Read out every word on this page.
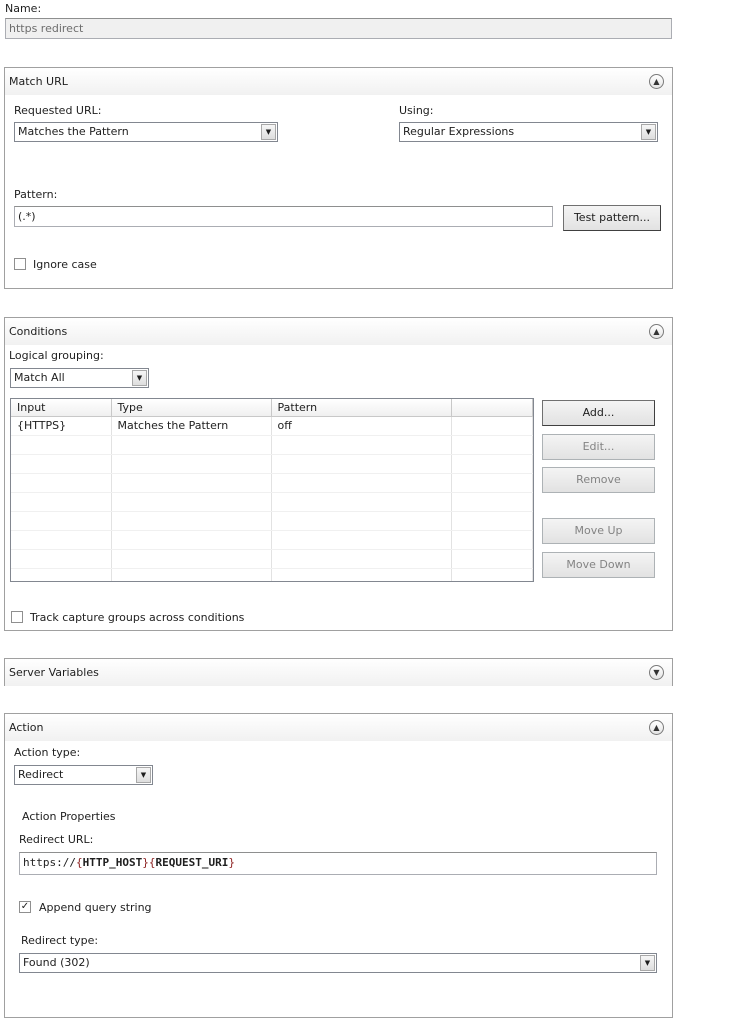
Name:
https redirect
Match URL	▲
Requested URL:
Matches the Pattern	▼
Using:
Regular Expressions	▼
Pattern:
(.*)	Test pattern...
Ignore case
Conditions	▲
Logical grouping:
Match All	▼
Input	Type	Pattern	
{HTTPS}	Matches the Pattern	off	

Add...
Edit...
Remove
Move Up
Move Down
Track capture groups across conditions
Server Variables	▼
Action	▲
Action type:
Redirect	▼
Action Properties
Redirect URL:
https://{HTTP_HOST}{REQUEST_URI}
✓ Append query string
Redirect type:
Found (302)	▼
